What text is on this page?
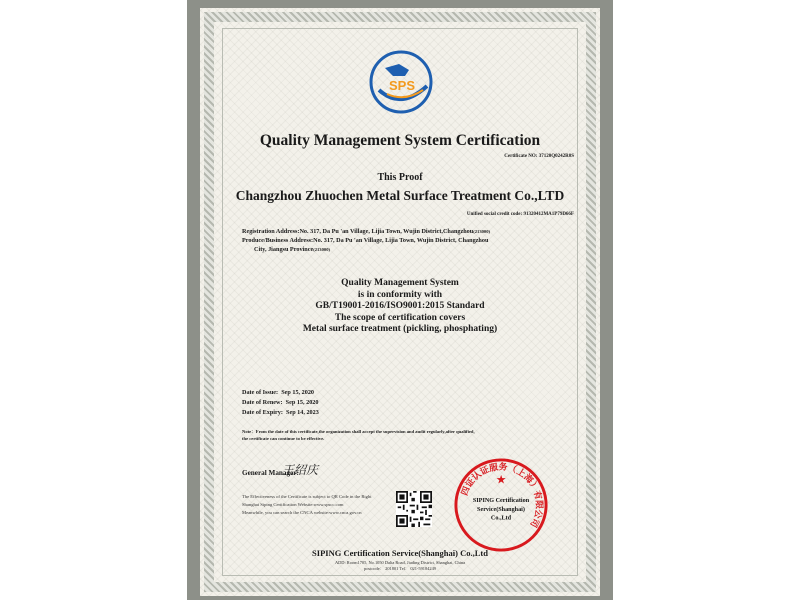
SPS
Quality Management System Certification
Certificate NO: 37120Q0242R0S
This Proof
Changzhou Zhuochen Metal Surface Treatment Co.,LTD
Unified social credit code: 91320412MA1P79D66F
Registration Address:No. 317, Da Pu 'an Village, Lijia Town, Wujin District,Changzhou(213000)
Produce/Business Address:No. 317, Da Pu 'an Village, Lijia Town, Wujin District, Changzhou
City, Jiangsu Province(213000)
Quality Management System
is in conformity with
GB/T19001-2016/ISO9001:2015 Standard
The scope of certification covers
Metal surface treatment (pickling, phosphating)
Date of Issue: Sep 15, 2020
Date of Renew: Sep 15, 2020
Date of Expiry: Sep 14, 2023
Note：From the date of this certificate,the organization shall accept the supervision and audit regularly,after qualified,
the certificate can continue to be effective.
General Manager:
王绍庆
The Effectiveness of the Certificate is subject to QR Code in the Right
Shanghai Siping Certification Website:www.spscc.com
Meanwhile, you can search the CNCA website:www.cnca.gov.cn
四证认证服务（上海）有限公司
★
SIPING Certification
Service(Shanghai)
Co.,Ltd
SIPING Certification Service(Shanghai) Co.,Ltd
ADD: Room1705, No.1050 Dalta Road, Jiading District, Shanghai, China
postcode： 201801 Tel： 021-59184249
